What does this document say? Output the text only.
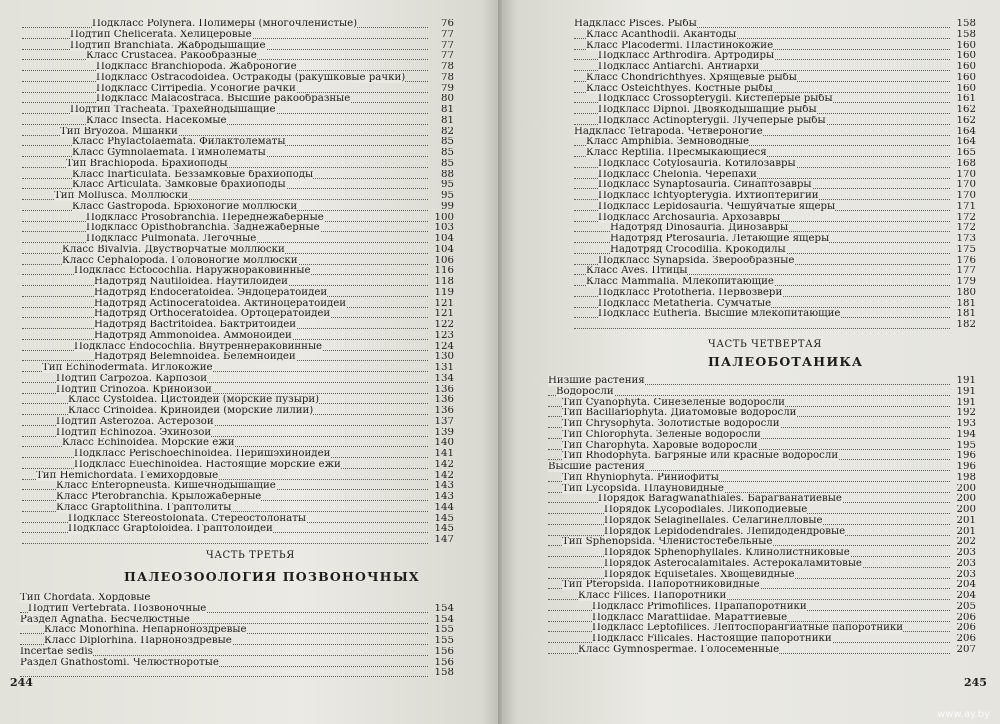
Подкласс Polynera. Полимеры (многочленистые)	76
Подтип Chelicerata. Хелицеровые	77
Подтип Branchiata. Жабродышащие	77
Класс Crustacea. Ракообразные	77
Подкласс Branchiopoda. Жаброногие	78
Подкласс Ostracodoidea. Остракоды (ракушковые рачки)	78
Подкласс Cirripedia. Усоногие рачки	79
Подкласс Malacostraca. Высшие ракообразные	80
Подтип Tracheata. Трахейнодышащие	81
Класс Insecta. Насекомые	81
Тип Bryozoa. Мшанки	82
Класс Phylactolaemata. Филактолематы	85
Класс Gymnolaemata. Гимнолематы	85
Тип Brachiopoda. Брахиоподы	85
Класс Inarticulata. Беззамковые брахиоподы	88
Класс Articulata. Замковые брахиоподы	95
Тип Mollusca. Моллюски	95
Класс Gastropoda. Брюхоногие моллюски	99
Подкласс Prosobranchia. Переднежаберные	100
Подкласс Opisthobranchia. Заднежаберные	103
Подкласс Pulmonata. Легочные	104
Класс Bivalvia. Двустворчатые моллюски	104
Класс Cephalopoda. Головоногие моллюски	106
Подкласс Ectocochlia. Наружнораковинные	116
Надотряд Nautiloidea. Наутилоидеи	118
Надотряд Endoceratoidea. Эндоцератоидеи	119
Надотряд Actinoceratoidea. Актиноцератоидеи	121
Надотряд Orthoceratoidea. Ортоцератоидеи	121
Надотряд Bactritoidea. Бактритоидеи	122
Надотряд Ammonoidea. Аммоноидеи	123
Подкласс Endocochlia. Внутреннераковинные	124
Надотряд Belemnoidea. Белемноидеи	130
Тип Echinodermata. Иглокожие	131
Подтип Carpozoa. Карпозои	134
Подтип Crinozoa. Криноизои	136
Класс Cystoidea. Цистоидеи (морские пузыри)	136
Класс Crinoidea. Криноидеи (морские лилии)	136
Подтип Asterozoa. Астерозои	137
Подтип Echinozoa. Эхинозои	139
Класс Echinoidea. Морские ежи	140
Подкласс Perischoechinoidea. Перишэхиноидеи	141
Подкласс Euechinoidea. Настоящие морские ежи	142
Тип Hemichordata. Гемихордовые	142
Класс Enteropneusta. Кишечнодышащие	143
Класс Pterobranchia. Крыложаберные	143
Класс Graptolithina. Граптолиты	144
Подкласс Stereostolonata. Стереостолонаты	145
Подкласс Graptoloidea. Граптолоидеи	145
147
ЧАСТЬ ТРЕТЬЯ
ПАЛЕОЗООЛОГИЯ ПОЗВОНОЧНЫХ
Тип Chordata. Хордовые
Подтип Vertebrata. Позвоночные	154
Раздел Agnatha. Бесчелюстные	154
Класс Monorhina. Непарноноздревые	155
Класс Diplorhina. Парноноздревые	155
Incertae sedis	156
Раздел Gnathostomi. Челюстноротые	156
158
244
Надкласс Pisces. Рыбы	158
Класс Acanthodii. Акантоды	158
Класс Placodermi. Пластинокожие	160
Подкласс Arthrodira. Артродиры	160
Подкласс Antiarchi. Антиархи	160
Класс Chondrichthyes. Хрящевые рыбы	160
Класс Osteichthyes. Костные рыбы	160
Подкласс Crossopterygii. Кистеперые рыбы	161
Подкласс Dipnoi. Двоякодышащие рыбы	162
Подкласс Actinopterygii. Лучеперые рыбы	162
Надкласс Tetrapoda. Четвероногие	164
Класс Amphibia. Земноводные	164
Класс Reptilia. Пресмыкающиеся	165
Подкласс Cotylosauria. Котилозавры	168
Подкласс Chelonia. Черепахи	170
Подкласс Synaptosauria. Синаптозавры	170
Подкласс Ichtyopterygia. Ихтиоптеригии	170
Подкласс Lepidosauria. Чешуйчатые ящеры	171
Подкласс Archosauria. Архозавры	172
Надотряд Dinosauria. Динозавры	172
Надотряд Pterosauria. Летающие ящеры	173
Надотряд Crocodilia. Крокодилы	175
Подкласс Synapsida. Зверообразные	176
Класс Aves. Птицы	177
Класс Mammalia. Млекопитающие	179
Подкласс Prototheria. Первозвери	180
Подкласс Metatheria. Сумчатые	181
Подкласс Eutheria. Высшие млекопитающие	181
182
ЧАСТЬ ЧЕТВЕРТАЯ
ПАЛЕОБОТАНИКА
Низшие растения	191
Водоросли	191
Тип Cyanophyta. Синезеленые водоросли	191
Тип Bacillariophyta. Диатомовые водоросли	192
Тип Chrysophyta. Золотистые водоросли	193
Тип Chlorophyta. Зеленые водоросли	194
Тип Charophyta. Харовые водоросли	195
Тип Rhodophyta. Багряные или красные водоросли	196
Высшие растения	196
Тип Rhyniophyta. Риниофиты	198
Тип Lycopsida. Плауновидные	200
Порядок Baragwanathiales. Барагванатиевые	200
Порядок Lycopodiales. Ликоподиевые	200
Порядок Selaginellales. Селагинелловые	201
Порядок Lepidodendrales. Лепидодендровые	201
Тип Sphenopsida. Членистостебельные	202
Порядок Sphenophyllales. Клинолистниковые	203
Порядок Asterocalamitales. Астерокаламитовые	203
Порядок Equisetales. Хвощевидные	203
Тип Pteropsida. Папоротниковидные	204
Класс Filices. Папоротники	204
Подкласс Primofilices. Прапапоротники	205
Подкласс Marattiidae. Мараттиевые	206
Подкласс Leptofilices. Лептоспорангиатные папоротники	206
Подкласс Filicales. Настоящие папоротники	206
Класс Gymnospermae. Голосеменные	207
245
www.ay.by
